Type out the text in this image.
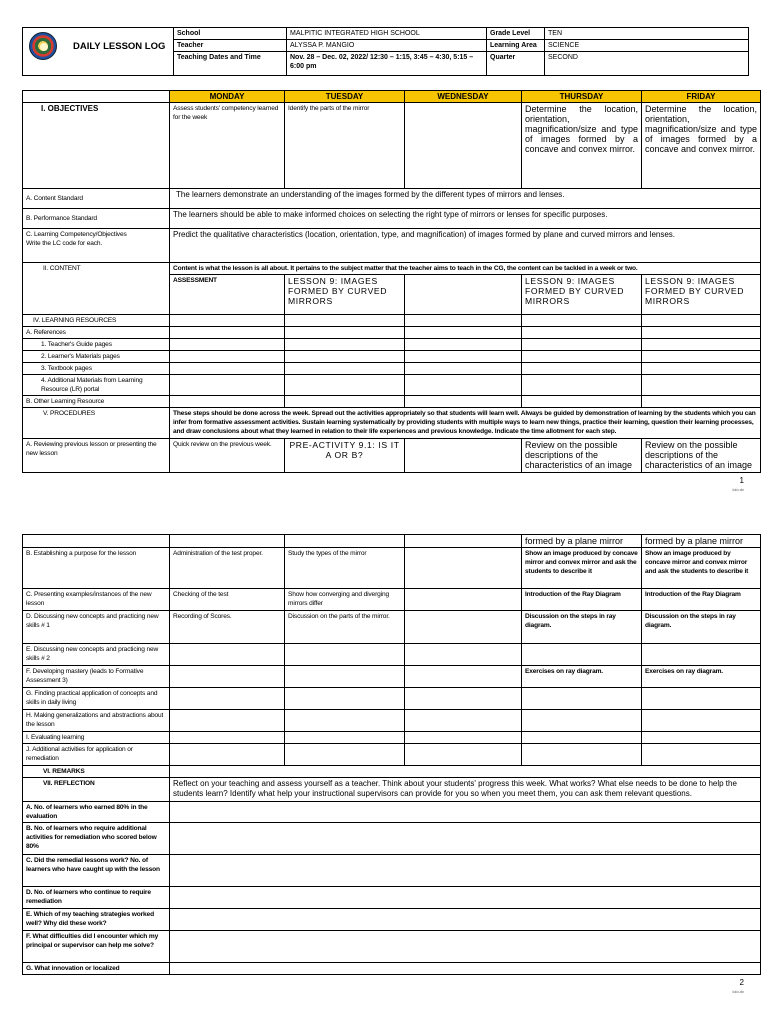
DAILY LESSON LOG	School	MALPITIC INTEGRATED HIGH SCHOOL	Grade Level	TEN
	Teacher	ALYSSA P. MANGIO	Learning Area	SCIENCE
	Teaching Dates and Time	Nov. 28 – Dec. 02, 2022/ 12:30 – 1:15, 3:45 – 4:30, 5:15 – 6:00 pm	Quarter	SECOND
	MONDAY	TUESDAY	WEDNESDAY	THURSDAY	FRIDAY
I. OBJECTIVES	Assess students' competency learned for the week	Identify the parts of the mirror		Determine the location, orientation, magnification/size and type of images formed by a concave and convex mirror.	Determine the location, orientation, magnification/size and type of images formed by a concave and convex mirror.
A. Content Standard	The learners demonstrate an understanding of the images formed by the different types of mirrors and lenses.				
B. Performance Standard	The learners should be able to make informed choices on selecting the right type of mirrors or lenses for specific purposes.				

C. Learning Competency/Objectives
Write the LC code for each.	Predict the qualitative characteristics (location, orientation, type, and magnification) of images formed by plane and curved mirrors and lenses.				
II. CONTENT	Content is what the lesson is all about. It pertains to the subject matter that the teacher aims to teach in the CG, the content can be tackled in a week or two.				
	ASSESSMENT	LESSON 9: IMAGES FORMED BY CURVED MIRRORS		LESSON 9: IMAGES FORMED BY CURVED MIRRORS	LESSON 9: IMAGES FORMED BY CURVED MIRRORS
IV. LEARNING RESOURCES					
A. References					
1. Teacher's Guide pages					
2. Learner's Materials pages					
3. Textbook pages					
4. Additional Materials from Learning Resource (LR) portal					
B. Other Learning Resource					
V. PROCEDURES	These steps should be done across the week. Spread out the activities appropriately so that students will learn well. Always be guided by demonstration of learning by the students which you can infer from formative assessment activities. Sustain learning systematically by providing students with multiple ways to learn new things, practice their learning, question their learning processes, and draw conclusions about what they learned in relation to their life experiences and previous knowledge. Indicate the time allotment for each step.				
A. Reviewing previous lesson or presenting the new lesson	Quick review on the previous week.	PRE-ACTIVITY 9.1: IS IT A OR B?		Review on the possible descriptions of the characteristics of an image	Review on the possible descriptions of the characteristics of an image
1
lolo.dv
				formed by a plane mirror	formed by a plane mirror
B. Establishing a purpose for the lesson	Administration of the test proper.	Study the types of the mirror		Show an image produced by concave mirror and convex mirror and ask the students to describe it	Show an image produced by concave mirror and convex mirror and ask the students to describe it
C. Presenting examples/instances of the new lesson	Checking of the test	Show how converging and diverging mirrors differ		Introduction of the Ray Diagram	Introduction of the Ray Diagram
D. Discussing new concepts and practicing new skills # 1	Recording of Scores.	Discussion on the parts of the mirror.		Discussion on the steps in ray diagram.	Discussion on the steps in ray diagram.
E. Discussing new concepts and practicing new skills # 2					
F. Developing mastery (leads to Formative Assessment 3)				Exercises on ray diagram.	Exercises on ray diagram.
G. Finding practical application of concepts and skills in daily living					
H. Making generalizations and abstractions about the lesson					
I. Evaluating learning					
J. Additional activities for application or remediation					
VI. REMARKS					
VII. REFLECTION	Reflect on your teaching and assess yourself as a teacher. Think about your students' progress this week. What works? What else needs to be done to help the students learn? Identify what help your instructional supervisors can provide for you so when you meet them, you can ask them relevant questions.				
A. No. of learners who earned 80% in the evaluation					
B. No. of learners who require additional activities for remediation who scored below 80%					
C. Did the remedial lessons work? No. of learners who have caught up with the lesson					
D. No. of learners who continue to require remediation					
E. Which of my teaching strategies worked well? Why did these work?					
F. What difficulties did I encounter which my principal or supervisor can help me solve?					
G. What innovation or localized					
2
lolo.dv
